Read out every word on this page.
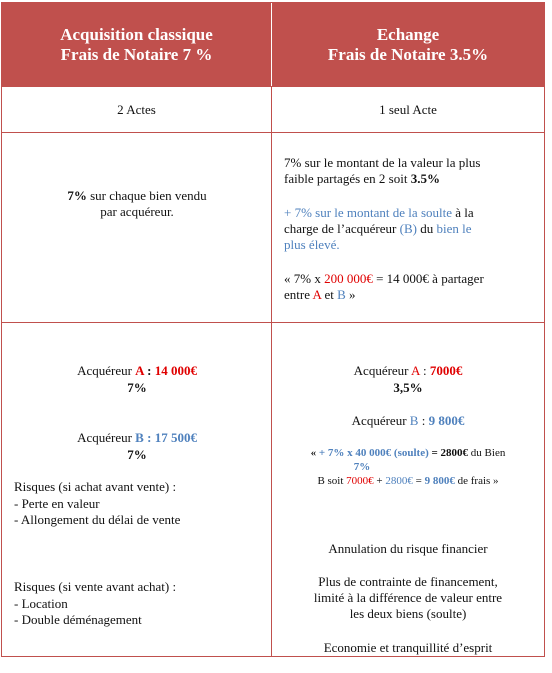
Acquisition classique
Frais de Notaire 7 %
Echange
Frais de Notaire 3.5%
2 Actes	1 seul Acte
7% sur chaque bien vendu
par acquéreur.
7% sur le montant de la valeur la plus
faible partagés en 2 soit 3.5%
+ 7% sur le montant de la soulte à la
charge de l’acquéreur (B) du bien le
plus élevé.
« 7% x 200 000€ = 14 000€ à partager
entre A et B »
Acquéreur A : 14 000€
7%
Acquéreur B : 17 500€
7%
Risques (si achat avant vente) :
- Perte en valeur
- Allongement du délai de vente
Risques (si vente avant achat) :
- Location
- Double déménagement
Acquéreur A : 7000€
3,5%
Acquéreur B : 9 800€
« + 7% x 40 000€ (soulte) = 2800€ du Bien
7%
B soit 7000€ + 2800€ = 9 800€ de frais »
Annulation du risque financier
Plus de contrainte de financement,
limité à la différence de valeur entre
les deux biens (soulte)
Economie et tranquillité d’esprit
